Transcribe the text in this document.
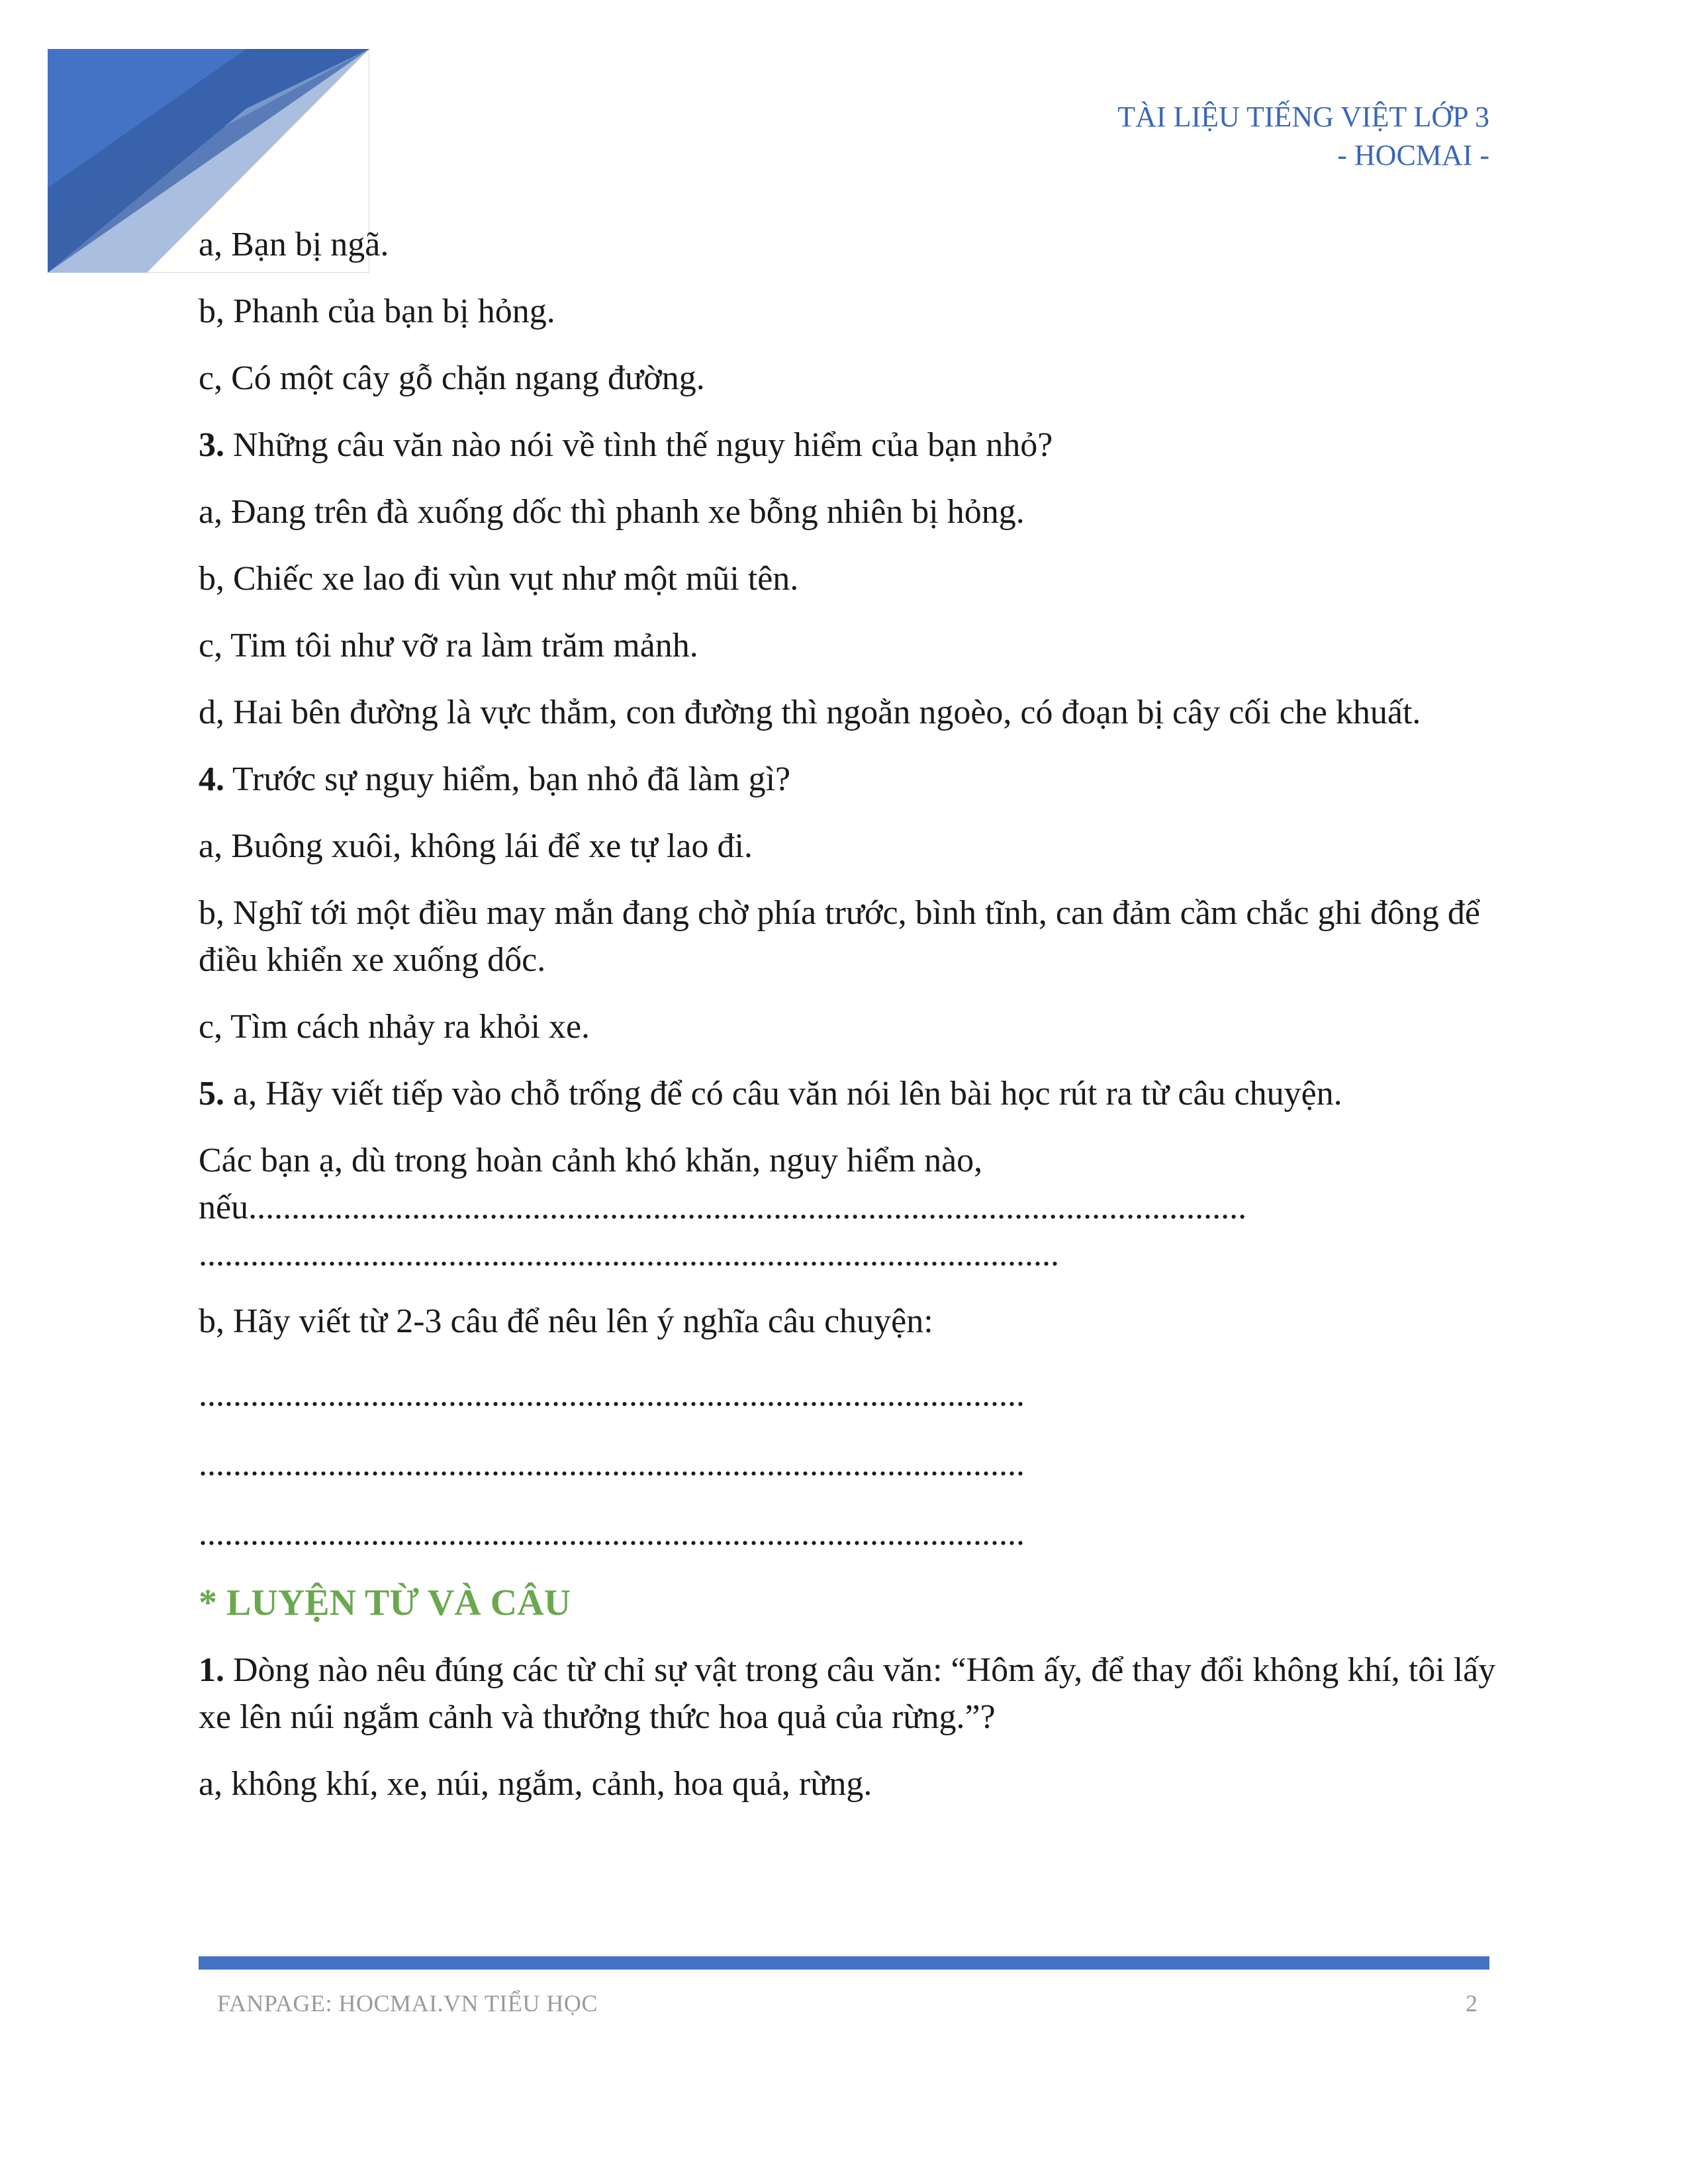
TÀI LIỆU TIẾNG VIỆT LỚP 3
- HOCMAI -

a, Bạn bị ngã.

b, Phanh của bạn bị hỏng.

c, Có một cây gỗ chặn ngang đường.

3. Những câu văn nào nói về tình thế nguy hiểm của bạn nhỏ?

a, Đang trên đà xuống dốc thì phanh xe bỗng nhiên bị hỏng.

b, Chiếc xe lao đi vùn vụt như một mũi tên.

c, Tim tôi như vỡ ra làm trăm mảnh.

d, Hai bên đường là vực thẳm, con đường thì ngoằn ngoèo, có đoạn bị cây cối che khuất.

4. Trước sự nguy hiểm, bạn nhỏ đã làm gì?

a, Buông xuôi, không lái để xe tự lao đi.

b, Nghĩ tới một điều may mắn đang chờ phía trước, bình tĩnh, can đảm cầm chắc ghi đông để điều khiển xe xuống dốc.

c, Tìm cách nhảy ra khỏi xe.

5. a, Hãy viết tiếp vào chỗ trống để có câu văn nói lên bài học rút ra từ câu chuyện.

Các bạn ạ, dù trong hoàn cảnh khó khăn, nguy hiểm nào,
nếu....................................................................................................................
....................................................................................................

b, Hãy viết từ 2-3 câu để nêu lên ý nghĩa câu chuyện:

................................................................................................
................................................................................................
................................................................................................
* LUYỆN TỪ VÀ CÂU

1. Dòng nào nêu đúng các từ chỉ sự vật trong câu văn: “Hôm ấy, để thay đổi không khí, tôi lấy xe lên núi ngắm cảnh và thưởng thức hoa quả của rừng.”?

a, không khí, xe, núi, ngắm, cảnh, hoa quả, rừng.

FANPAGE: HOCMAI.VN TIỂU HỌC	2
